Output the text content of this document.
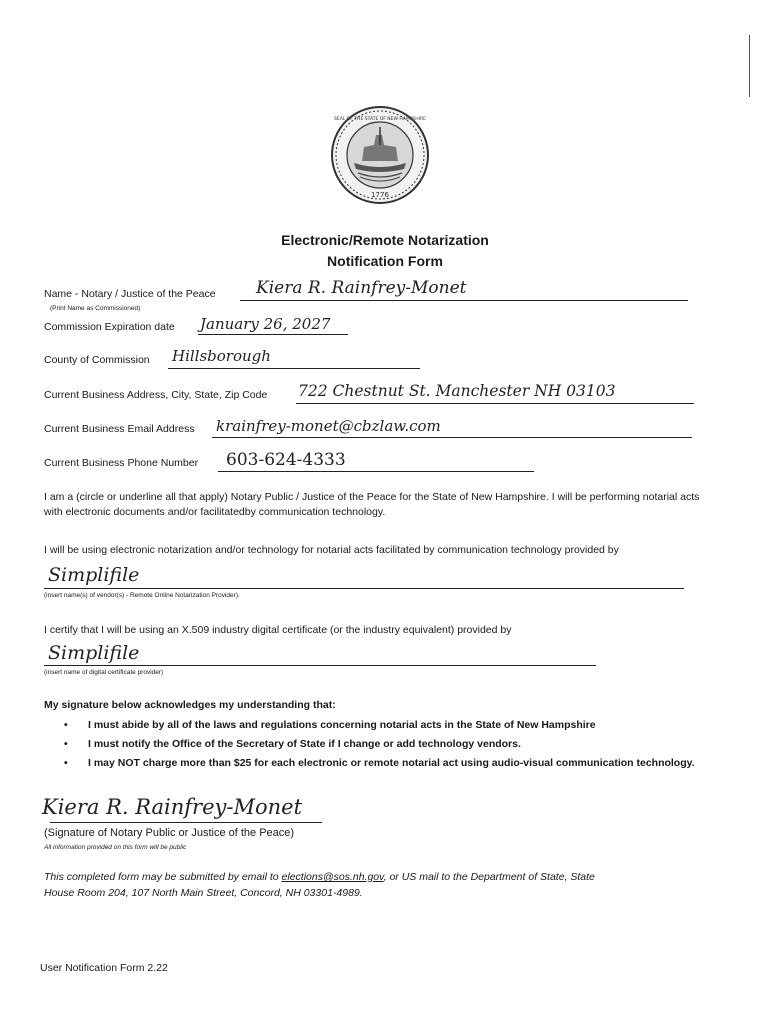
1776
SEAL OF THE STATE OF NEW HAMPSHIRE
Electronic/Remote Notarization
Notification Form
Name - Notary / Justice of the Peace
(Print Name as Commissioned)
Kiera R. Rainfrey-Monet
Commission Expiration date January 26, 2027
County of Commission Hillsborough
Current Business Address, City, State, Zip Code 722 Chestnut St. Manchester NH 03103
Current Business Email Address krainfrey-monet@cbzlaw.com
Current Business Phone Number 603-624-4333
I am a (circle or underline all that apply) Notary Public / Justice of the Peace for the State of New Hampshire. I will be performing notarial acts with electronic documents and/or facilitatedby communication technology.
I will be using electronic notarization and/or technology for notarial acts facilitated by communication technology provided by
Simplifile
(insert name(s) of vendor(s) - Remote Online Notarization Provider).
I certify that I will be using an X.509 industry digital certificate (or the industry equivalent) provided by
Simplifile
(insert name of digital certificate provider)
My signature below acknowledges my understanding that:
• I must abide by all of the laws and regulations concerning notarial acts in the State of New Hampshire
• I must notify the Office of the Secretary of State if I change or add technology vendors.
• I may NOT charge more than $25 for each electronic or remote notarial act using audio-visual communication technology.
Kiera R. Rainfrey-Monet
(Signature of Notary Public or Justice of the Peace)
All information provided on this form will be public
This completed form may be submitted by email to elections@sos.nh.gov, or US mail to the Department of State, State House Room 204, 107 North Main Street, Concord, NH 03301-4989.
User Notification Form 2.22
